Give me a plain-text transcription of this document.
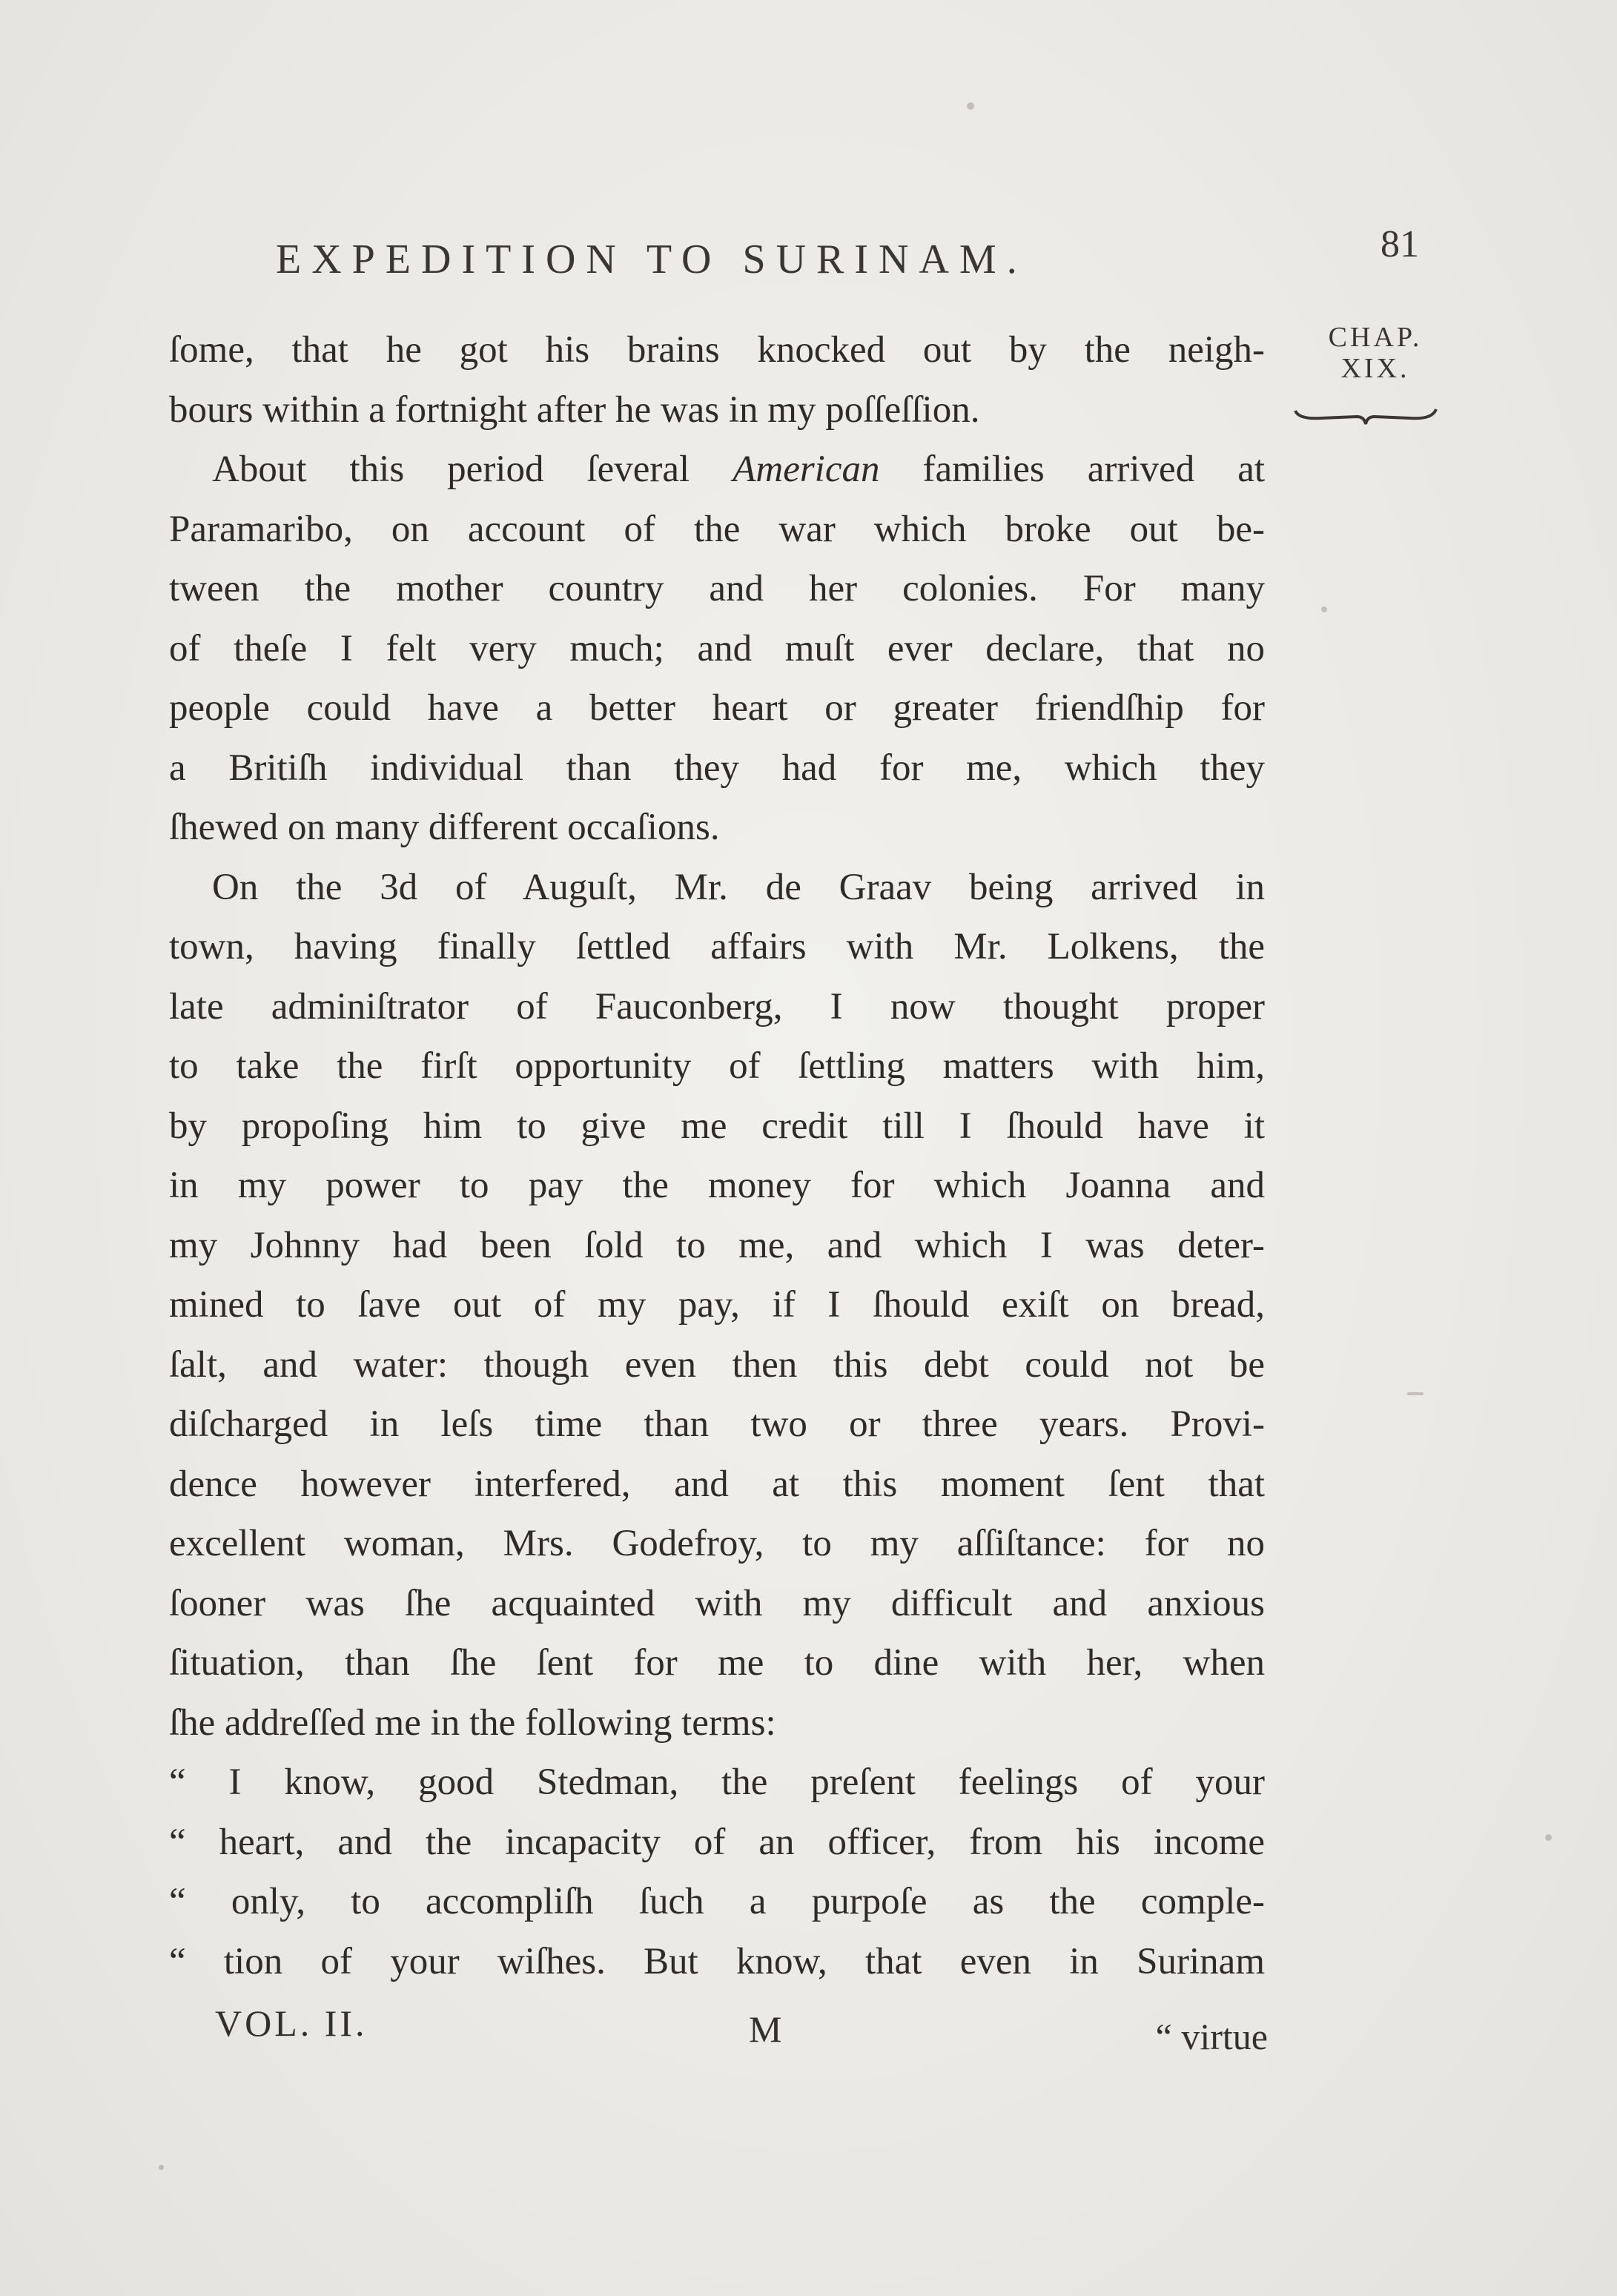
EXPEDITION TO SURINAM.	81
CHAP.
XIX.
ſome, that he got his brains knocked out by the neigh-
bours within a fortnight after he was in my poſſeſſion.
About this period ſeveral American families arrived at
Paramaribo, on account of the war which broke out be-
tween the mother country and her colonies. For many
of theſe I felt very much; and muſt ever declare, that no
people could have a better heart or greater friendſhip for
a Britiſh individual than they had for me, which they
ſhewed on many different occaſions.
On the 3d of Auguſt, Mr. de Graav being arrived in
town, having finally ſettled affairs with Mr. Lolkens, the
late adminiſtrator of Fauconberg, I now thought proper
to take the firſt opportunity of ſettling matters with him,
by propoſing him to give me credit till I ſhould have it
in my power to pay the money for which Joanna and
my Johnny had been ſold to me, and which I was deter-
mined to ſave out of my pay, if I ſhould exiſt on bread,
ſalt, and water: though even then this debt could not be
diſcharged in leſs time than two or three years. Provi-
dence however interfered, and at this moment ſent that
excellent woman, Mrs. Godefroy, to my aſſiſtance: for no
ſooner was ſhe acquainted with my difficult and anxious
ſituation, than ſhe ſent for me to dine with her, when
ſhe addreſſed me in the following terms:
“ I know, good Stedman, the preſent feelings of your
“ heart, and the incapacity of an officer, from his income
“ only, to accompliſh ſuch a purpoſe as the comple-
“ tion of your wiſhes. But know, that even in Surinam
VOL. II.	M	“ virtue
